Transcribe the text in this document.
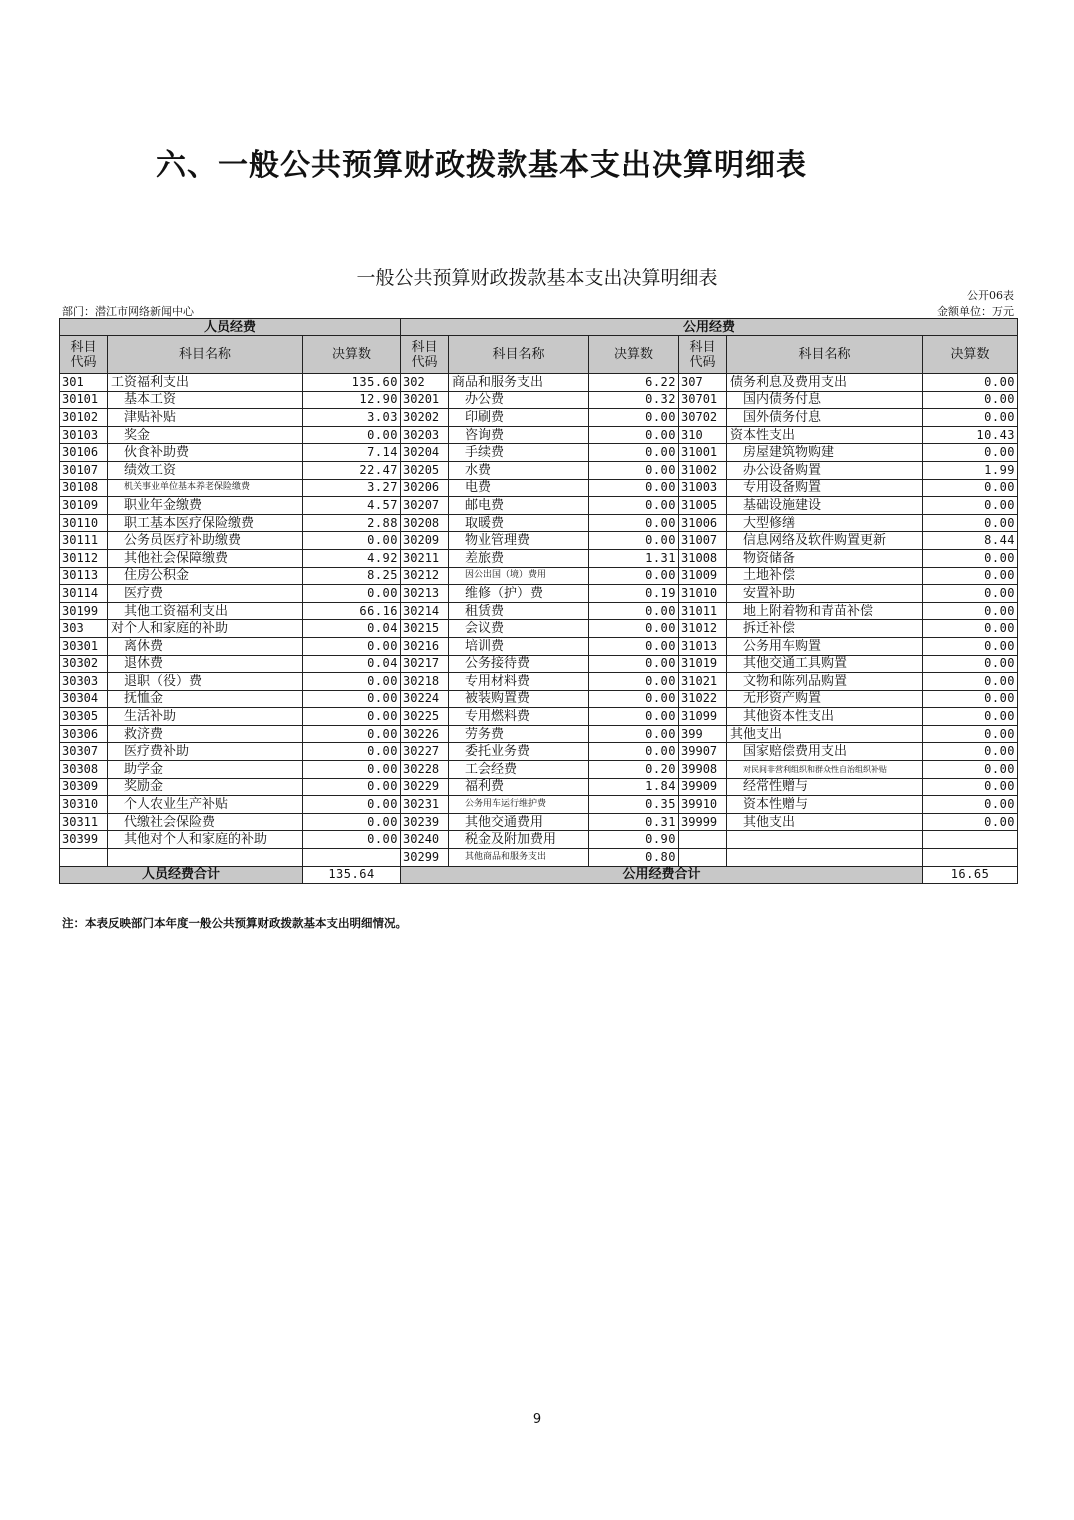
六、一般公共预算财政拨款基本支出决算明细表
一般公共预算财政拨款基本支出决算明细表
公开06表
部门：潜江市网络新闻中心	金额单位：万元
人员经费			公用经费					
科目代码	科目名称	决算数	科目代码	科目名称	决算数	科目代码	科目名称	决算数
301	工资福利支出	135.60	302	商品和服务支出	6.22	307	债务利息及费用支出	0.00
30101	基本工资	12.90	30201	办公费	0.32	30701	国内债务付息	0.00
30102	津贴补贴	3.03	30202	印刷费	0.00	30702	国外债务付息	0.00
30103	奖金	0.00	30203	咨询费	0.00	310	资本性支出	10.43
30106	伙食补助费	7.14	30204	手续费	0.00	31001	房屋建筑物购建	0.00
30107	绩效工资	22.47	30205	水费	0.00	31002	办公设备购置	1.99
30108	机关事业单位基本养老保险缴费	3.27	30206	电费	0.00	31003	专用设备购置	0.00
30109	职业年金缴费	4.57	30207	邮电费	0.00	31005	基础设施建设	0.00
30110	职工基本医疗保险缴费	2.88	30208	取暖费	0.00	31006	大型修缮	0.00
30111	公务员医疗补助缴费	0.00	30209	物业管理费	0.00	31007	信息网络及软件购置更新	8.44
30112	其他社会保障缴费	4.92	30211	差旅费	1.31	31008	物资储备	0.00
30113	住房公积金	8.25	30212	因公出国（境）费用	0.00	31009	土地补偿	0.00
30114	医疗费	0.00	30213	维修（护）费	0.19	31010	安置补助	0.00
30199	其他工资福利支出	66.16	30214	租赁费	0.00	31011	地上附着物和青苗补偿	0.00
303	对个人和家庭的补助	0.04	30215	会议费	0.00	31012	拆迁补偿	0.00
30301	离休费	0.00	30216	培训费	0.00	31013	公务用车购置	0.00
30302	退休费	0.04	30217	公务接待费	0.00	31019	其他交通工具购置	0.00
30303	退职（役）费	0.00	30218	专用材料费	0.00	31021	文物和陈列品购置	0.00
30304	抚恤金	0.00	30224	被装购置费	0.00	31022	无形资产购置	0.00
30305	生活补助	0.00	30225	专用燃料费	0.00	31099	其他资本性支出	0.00
30306	救济费	0.00	30226	劳务费	0.00	399	其他支出	0.00
30307	医疗费补助	0.00	30227	委托业务费	0.00	39907	国家赔偿费用支出	0.00
30308	助学金	0.00	30228	工会经费	0.20	39908	对民间非营利组织和群众性自治组织补贴	0.00
30309	奖励金	0.00	30229	福利费	1.84	39909	经常性赠与	0.00
30310	个人农业生产补贴	0.00	30231	公务用车运行维护费	0.35	39910	资本性赠与	0.00
30311	代缴社会保险费	0.00	30239	其他交通费用	0.31	39999	其他支出	0.00
30399	其他对个人和家庭的补助	0.00	30240	税金及附加费用	0.90			
			30299	其他商品和服务支出	0.80			
人员经费合计		135.64	公用经费合计					16.65
注：本表反映部门本年度一般公共预算财政拨款基本支出明细情况。
9
